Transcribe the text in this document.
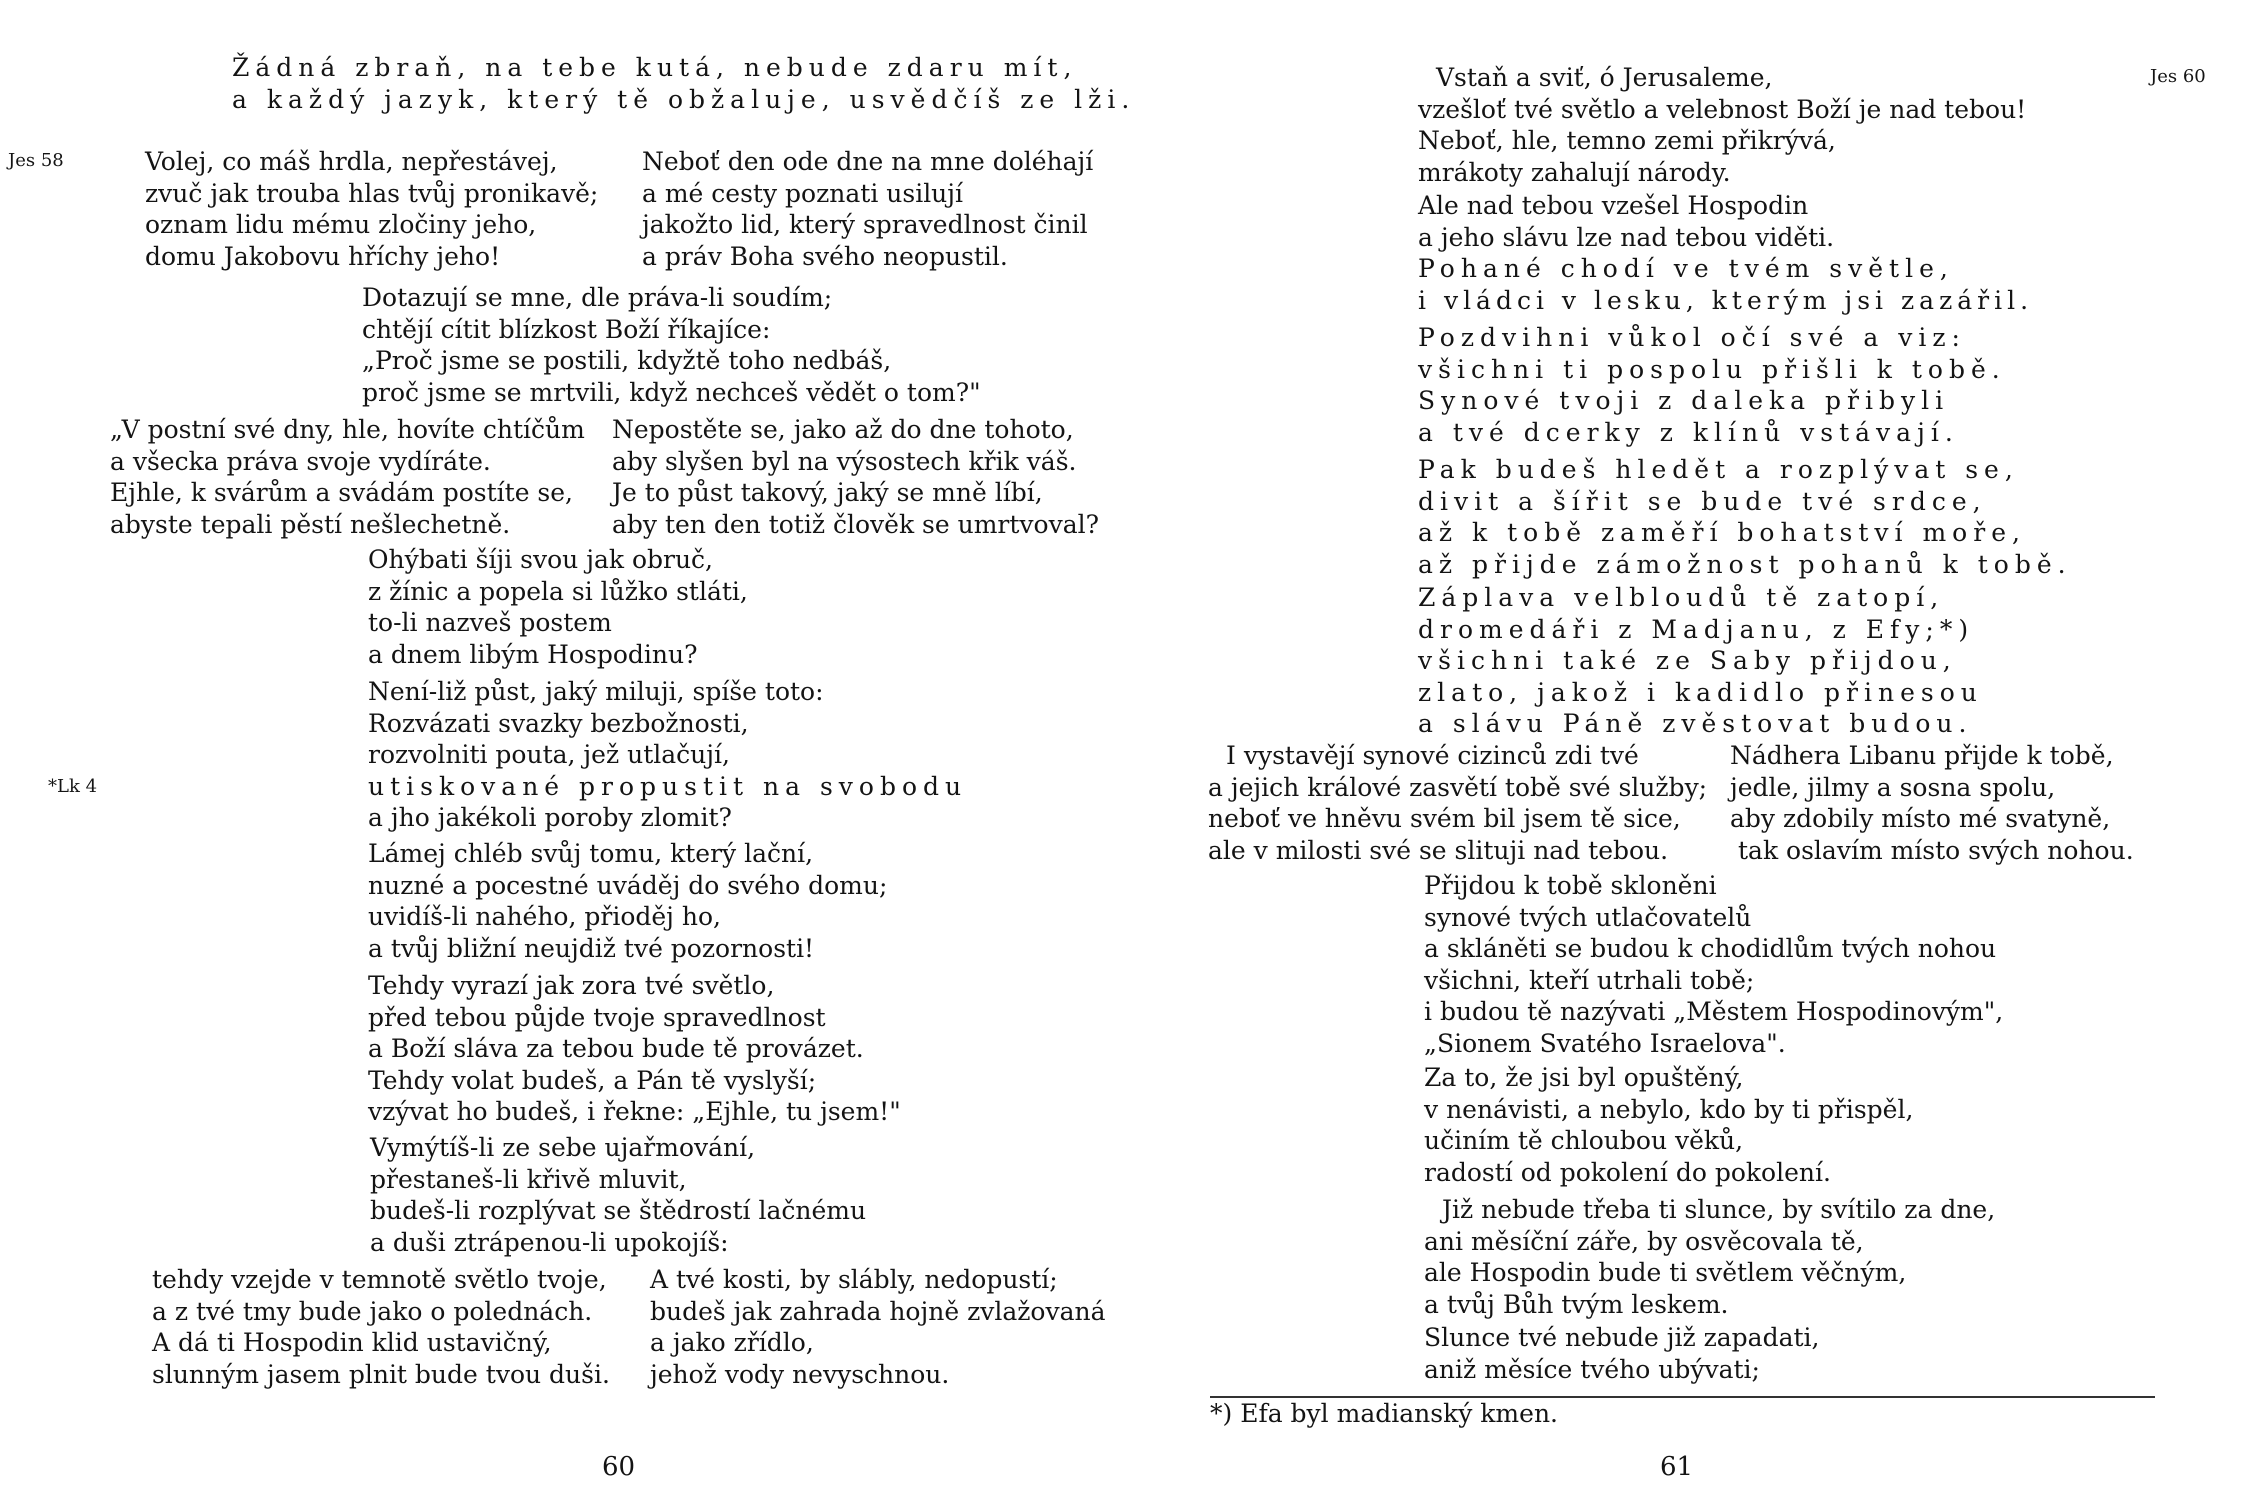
Jes 58
*Lk 4
Žádná zbraň, na tebe kutá, nebude zdaru mít,
a každý jazyk, který tě obžaluje, usvědčíš ze lži.
Volej, co máš hrdla, nepřestávej,
zvuč jak trouba hlas tvůj pronikavě;
oznam lidu mému zločiny jeho,
domu Jakobovu hříchy jeho!
Neboť den ode dne na mne doléhají
a mé cesty poznati usilují
jakožto lid, který spravedlnost činil
a práv Boha svého neopustil.
Dotazují se mne, dle práva-li soudím;
chtějí cítit blízkost Boží říkajíce:
„Proč jsme se postili, kdyžtě toho nedbáš,
proč jsme se mrtvili, když nechceš vědět o tom?"
„V postní své dny, hle, hovíte chtíčům
a všecka práva svoje vydíráte.
Ejhle, k svárům a svádám postíte se,
abyste tepali pěstí nešlechetně.
Nepostěte se, jako až do dne tohoto,
aby slyšen byl na výsostech křik váš.
Je to půst takový, jaký se mně líbí,
aby ten den totiž člověk se umrtvoval?
Ohýbati šíji svou jak obruč,
z žínic a popela si lůžko stláti,
to-li nazveš postem
a dnem libým Hospodinu?
Není-liž půst, jaký miluji, spíše toto:
Rozvázati svazky bezbožnosti,
rozvolniti pouta, jež utlačují,
utiskované propustit na svobodu
a jho jakékoli poroby zlomit?
Lámej chléb svůj tomu, který lační,
nuzné a pocestné uváděj do svého domu;
uvidíš-li nahého, přioděj ho,
a tvůj bližní neujdiž tvé pozornosti!
Tehdy vyrazí jak zora tvé světlo,
před tebou půjde tvoje spravedlnost
a Boží sláva za tebou bude tě provázet.
Tehdy volat budeš, a Pán tě vyslyší;
vzývat ho budeš, i řekne: „Ejhle, tu jsem!"
Vymýtíš-li ze sebe ujařmování,
přestaneš-li křivě mluvit,
budeš-li rozplývat se štědrostí lačnému
a duši ztrápenou-li upokojíš:
tehdy vzejde v temnotě světlo tvoje,
a z tvé tmy bude jako o polednách.
A dá ti Hospodin klid ustavičný,
slunným jasem plnit bude tvou duši.
A tvé kosti, by slábly, nedopustí;
budeš jak zahrada hojně zvlažovaná
a jako zřídlo,
jehož vody nevyschnou.
60
Jes 60
Vstaň a sviť, ó Jerusaleme,
vzešloť tvé světlo a velebnost Boží je nad tebou!
Neboť, hle, temno zemi přikrývá,
mrákoty zahalují národy.
Ale nad tebou vzešel Hospodin
a jeho slávu lze nad tebou viděti.
Pohané chodí ve tvém světle,
i vládci v lesku, kterým jsi zazářil.
Pozdvihni vůkol očí své a viz:
všichni ti pospolu přišli k tobě.
Synové tvoji z daleka přibyli
a tvé dcerky z klínů vstávají.
Pak budeš hledět a rozplývat se,
divit a šířit se bude tvé srdce,
až k tobě zaměří bohatství moře,
až přijde zámožnost pohanů k tobě.
Záplava velbloudů tě zatopí,
dromedáři z Madjanu, z Efy;*)
všichni také ze Saby přijdou,
zlato, jakož i kadidlo přinesou
a slávu Páně zvěstovat budou.
I vystavějí synové cizinců zdi tvé
a jejich králové zasvětí tobě své služby;
neboť ve hněvu svém bil jsem tě sice,
ale v milosti své se slituji nad tebou.
Nádhera Libanu přijde k tobě,
jedle, jilmy a sosna spolu,
aby zdobily místo mé svatyně,
tak oslavím místo svých nohou.
Přijdou k tobě skloněni
synové tvých utlačovatelů
a skláněti se budou k chodidlům tvých nohou
všichni, kteří utrhali tobě;
i budou tě nazývati „Městem Hospodinovým",
„Sionem Svatého Israelova".
Za to, že jsi byl opuštěný,
v nenávisti, a nebylo, kdo by ti přispěl,
učiním tě chloubou věků,
radostí od pokolení do pokolení.
Již nebude třeba ti slunce, by svítilo za dne,
ani měsíční záře, by osvěcovala tě,
ale Hospodin bude ti světlem věčným,
a tvůj Bůh tvým leskem.
Slunce tvé nebude již zapadati,
aniž měsíce tvého ubývati;
*) Efa byl madianský kmen.
61
